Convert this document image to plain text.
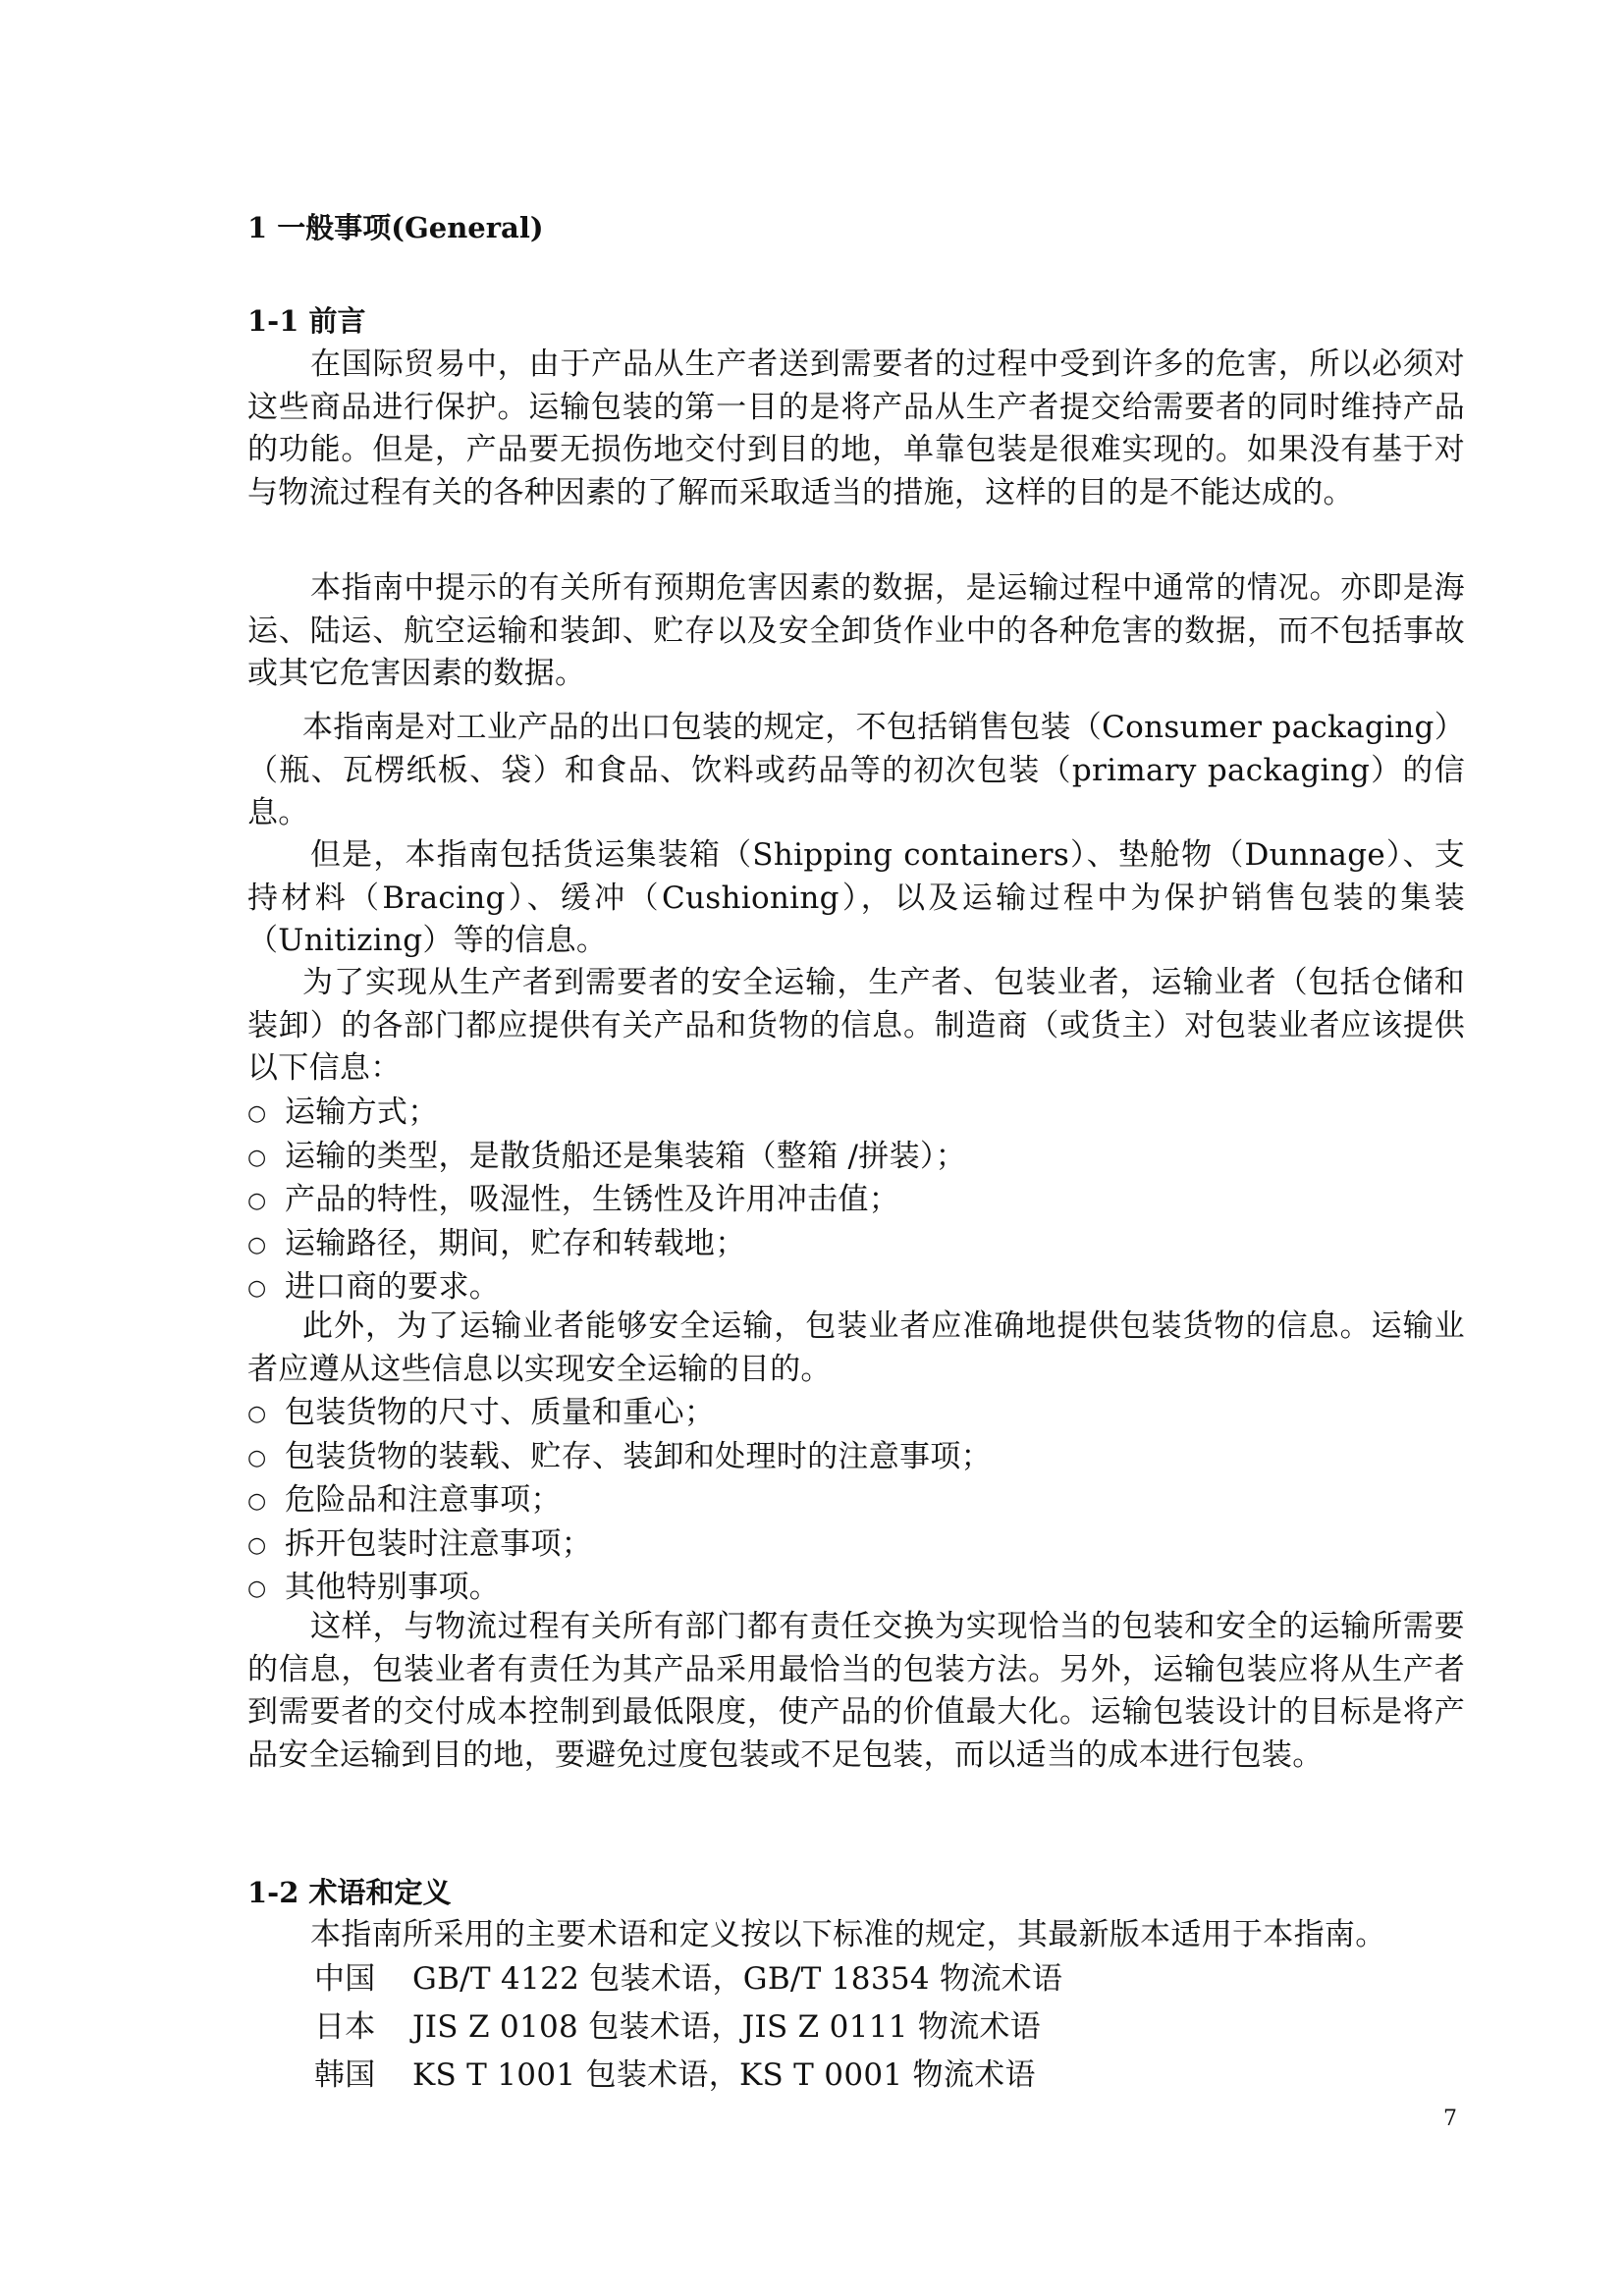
1 一般事项(General)
1-1 前言
在国际贸易中，由于产品从生产者送到需要者的过程中受到许多的危害，所以必须对这些商品进行保护。运输包装的第一目的是将产品从生产者提交给需要者的同时维持产品的功能。但是，产品要无损伤地交付到目的地，单靠包装是很难实现的。如果没有基于对与物流过程有关的各种因素的了解而采取适当的措施，这样的目的是不能达成的。
本指南中提示的有关所有预期危害因素的数据，是运输过程中通常的情况。亦即是海运、陆运、航空运输和装卸、贮存以及安全卸货作业中的各种危害的数据，而不包括事故或其它危害因素的数据。
本指南是对工业产品的出口包装的规定，不包括销售包装（Consumer packaging）（瓶、瓦楞纸板、袋）和食品、饮料或药品等的初次包装（primary packaging）的信息。
但是，本指南包括货运集装箱（Shipping containers）、垫舱物（Dunnage）、支持材料（Bracing）、缓冲（Cushioning），以及运输过程中为保护销售包装的集装（Unitizing）等的信息。
为了实现从生产者到需要者的安全运输，生产者、包装业者，运输业者（包括仓储和装卸）的各部门都应提供有关产品和货物的信息。制造商（或货主）对包装业者应该提供以下信息：
○ 运输方式；
○ 运输的类型，是散货船还是集装箱（整箱 /拼装）；
○ 产品的特性，吸湿性，生锈性及许用冲击值；
○ 运输路径，期间，贮存和转载地；
○ 进口商的要求。
此外，为了运输业者能够安全运输，包装业者应准确地提供包装货物的信息。运输业者应遵从这些信息以实现安全运输的目的。
○ 包装货物的尺寸、质量和重心；
○ 包装货物的装载、贮存、装卸和处理时的注意事项；
○ 危险品和注意事项；
○ 拆开包装时注意事项；
○ 其他特别事项。
这样，与物流过程有关所有部门都有责任交换为实现恰当的包装和安全的运输所需要的信息，包装业者有责任为其产品采用最恰当的包装方法。另外，运输包装应将从生产者到需要者的交付成本控制到最低限度，使产品的价值最大化。运输包装设计的目标是将产品安全运输到目的地，要避免过度包装或不足包装，而以适当的成本进行包装。
1-2 术语和定义
本指南所采用的主要术语和定义按以下标准的规定，其最新版本适用于本指南。
中国 GB/T 4122 包装术语，GB/T 18354 物流术语
日本 JIS Z 0108 包装术语，JIS Z 0111 物流术语
韩国 KS T 1001 包装术语，KS T 0001 物流术语
7
